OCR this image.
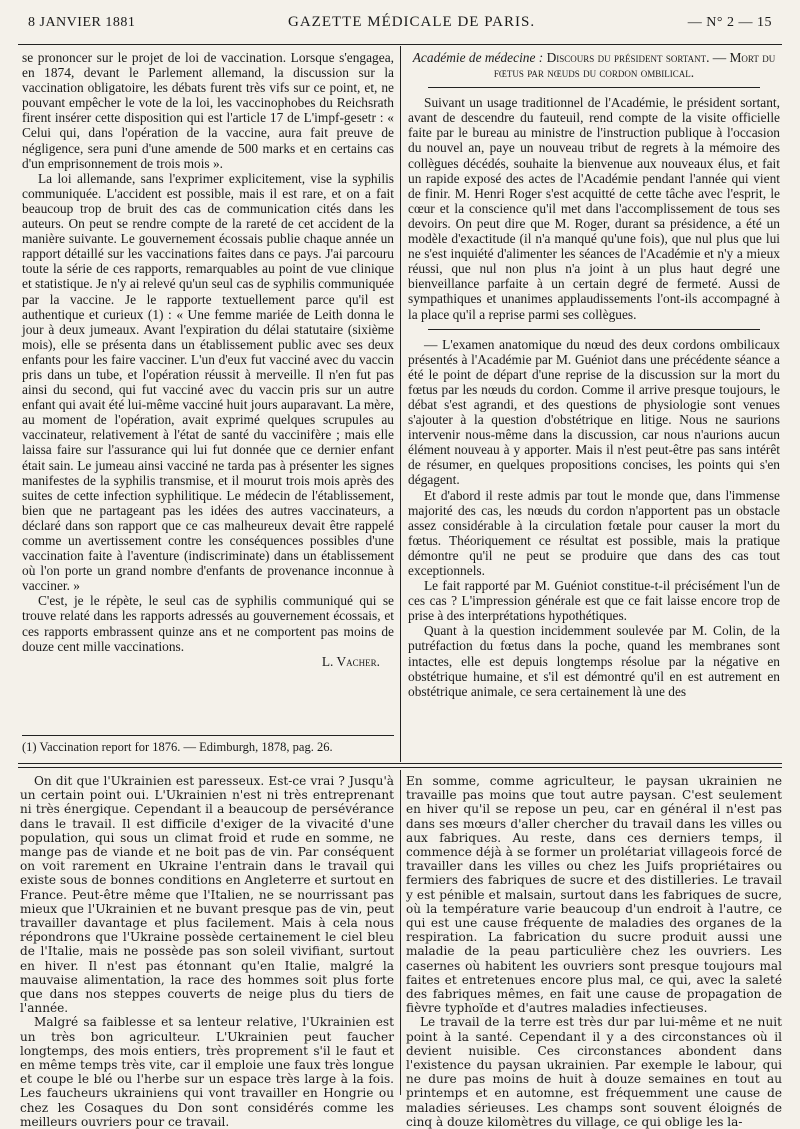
8 JANVIER 1881	GAZETTE MÉDICALE DE PARIS.	— N° 2 — 15

se prononcer sur le projet de loi de vaccination. Lorsque s'engagea, en 1874, devant le Parlement allemand, la discussion sur la vaccination obligatoire, les débats furent très vifs sur ce point, et, ne pouvant empêcher le vote de la loi, les vaccinophobes du Reichsrath firent insérer cette disposition qui est l'article 17 de L'impf-gesetr : « Celui qui, dans l'opération de la vaccine, aura fait preuve de négligence, sera puni d'une amende de 500 marks et en certains cas d'un emprisonnement de trois mois ».

La loi allemande, sans l'exprimer explicitement, vise la syphilis communiquée. L'accident est possible, mais il est rare, et on a fait beaucoup trop de bruit des cas de communication cités dans les auteurs. On peut se rendre compte de la rareté de cet accident de la manière suivante. Le gouvernement écossais publie chaque année un rapport détaillé sur les vaccinations faites dans ce pays. J'ai parcouru toute la série de ces rapports, remarquables au point de vue clinique et statistique. Je n'y ai relevé qu'un seul cas de syphilis communiquée par la vaccine. Je le rapporte textuellement parce qu'il est authentique et curieux (1) : « Une femme mariée de Leith donna le jour à deux jumeaux. Avant l'expiration du délai statutaire (sixième mois), elle se présenta dans un établissement public avec ses deux enfants pour les faire vacciner. L'un d'eux fut vacciné avec du vaccin pris dans un tube, et l'opération réussit à merveille. Il n'en fut pas ainsi du second, qui fut vacciné avec du vaccin pris sur un autre enfant qui avait été lui-même vacciné huit jours auparavant. La mère, au moment de l'opération, avait exprimé quelques scrupules au vaccinateur, relativement à l'état de santé du vaccinifère ; mais elle laissa faire sur l'assurance qui lui fut donnée que ce dernier enfant était sain. Le jumeau ainsi vacciné ne tarda pas à présenter les signes manifestes de la syphilis transmise, et il mourut trois mois après des suites de cette infection syphilitique. Le médecin de l'établissement, bien que ne partageant pas les idées des autres vaccinateurs, a déclaré dans son rapport que ce cas malheureux devait être rappelé comme un avertissement contre les conséquences possibles d'une vaccination faite à l'aventure (indiscriminate) dans un établissement où l'on porte un grand nombre d'enfants de provenance inconnue à vacciner. »

C'est, je le répète, le seul cas de syphilis communiqué qui se trouve relaté dans les rapports adressés au gouvernement écossais, et ces rapports embrassent quinze ans et ne comportent pas moins de douze cent mille vaccinations.

L. Vacher.
(1) Vaccination report for 1876. — Edimburgh, 1878, pag. 26.

Académie de médecine : Discours du président sortant. — Mort du fœtus par nœuds du cordon ombilical.

Suivant un usage traditionnel de l'Académie, le président sortant, avant de descendre du fauteuil, rend compte de la visite officielle faite par le bureau au ministre de l'instruction publique à l'occasion du nouvel an, paye un nouveau tribut de regrets à la mémoire des collègues décédés, souhaite la bienvenue aux nouveaux élus, et fait un rapide exposé des actes de l'Académie pendant l'année qui vient de finir. M. Henri Roger s'est acquitté de cette tâche avec l'esprit, le cœur et la conscience qu'il met dans l'accomplissement de tous ses devoirs. On peut dire que M. Roger, durant sa présidence, a été un modèle d'exactitude (il n'a manqué qu'une fois), que nul plus que lui ne s'est inquiété d'alimenter les séances de l'Académie et n'y a mieux réussi, que nul non plus n'a joint à un plus haut degré une bienveillance parfaite à un certain degré de fermeté. Aussi de sympathiques et unanimes applaudissements l'ont-ils accompagné à la place qu'il a reprise parmi ses collègues.

— L'examen anatomique du nœud des deux cordons ombilicaux présentés à l'Académie par M. Guéniot dans une précédente séance a été le point de départ d'une reprise de la discussion sur la mort du fœtus par les nœuds du cordon. Comme il arrive presque toujours, le débat s'est agrandi, et des questions de physiologie sont venues s'ajouter à la question d'obstétrique en litige. Nous ne saurions intervenir nous-même dans la discussion, car nous n'aurions aucun élément nouveau à y apporter. Mais il n'est peut-être pas sans intérêt de résumer, en quelques propositions concises, les points qui s'en dégagent.

Et d'abord il reste admis par tout le monde que, dans l'immense majorité des cas, les nœuds du cordon n'apportent pas un obstacle assez considérable à la circulation fœtale pour causer la mort du fœtus. Théoriquement ce résultat est possible, mais la pratique démontre qu'il ne peut se produire que dans des cas tout exceptionnels.

Le fait rapporté par M. Guéniot constitue-t-il précisément l'un de ces cas ? L'impression générale est que ce fait laisse encore trop de prise à des interprétations hypothétiques.

Quant à la question incidemment soulevée par M. Colin, de la putréfaction du fœtus dans la poche, quand les membranes sont intactes, elle est depuis longtemps résolue par la négative en obstétrique humaine, et s'il est démontré qu'il en est autrement en obstétrique animale, ce sera certainement là une des

On dit que l'Ukrainien est paresseux. Est-ce vrai ? Jusqu'à un certain point oui. L'Ukrainien n'est ni très entreprenant ni très énergique. Cependant il a beaucoup de persévérance dans le travail. Il est difficile d'exiger de la vivacité d'une population, qui sous un climat froid et rude en somme, ne mange pas de viande et ne boit pas de vin. Par conséquent on voit rarement en Ukraine l'entrain dans le travail qui existe sous de bonnes conditions en Angleterre et surtout en France. Peut-être même que l'Italien, ne se nourrissant pas mieux que l'Ukrainien et ne buvant presque pas de vin, peut travailler davantage et plus facilement. Mais à cela nous répondrons que l'Ukraine possède certainement le ciel bleu de l'Italie, mais ne possède pas son soleil vivifiant, surtout en hiver. Il n'est pas étonnant qu'en Italie, malgré la mauvaise alimentation, la race des hommes soit plus forte que dans nos steppes couverts de neige plus du tiers de l'année.

Malgré sa faiblesse et sa lenteur relative, l'Ukrainien est un très bon agriculteur. L'Ukrainien peut faucher longtemps, des mois entiers, très proprement s'il le faut et en même temps très vite, car il emploie une faux très longue et coupe le blé ou l'herbe sur un espace très large à la fois. Les faucheurs ukrainiens qui vont travailler en Hongrie ou chez les Cosaques du Don sont considérés comme les meilleurs ouvriers pour ce travail.

En somme, comme agriculteur, le paysan ukrainien ne travaille pas moins que tout autre paysan. C'est seulement en hiver qu'il se repose un peu, car en général il n'est pas dans ses mœurs d'aller chercher du travail dans les villes ou aux fabriques. Au reste, dans ces derniers temps, il commence déjà à se former un prolétariat villageois forcé de travailler dans les villes ou chez les Juifs propriétaires ou fermiers des fabriques de sucre et des distilleries. Le travail y est pénible et malsain, surtout dans les fabriques de sucre, où la température varie beaucoup d'un endroit à l'autre, ce qui est une cause fréquente de maladies des organes de la respiration. La fabrication du sucre produit aussi une maladie de la peau particulière chez les ouvriers. Les casernes où habitent les ouvriers sont presque toujours mal faites et entretenues encore plus mal, ce qui, avec la saleté des fabriques mêmes, en fait une cause de propagation de fièvre typhoïde et d'autres maladies infectieuses.

Le travail de la terre est très dur par lui-même et ne nuit point à la santé. Cependant il y a des circonstances où il devient nuisible. Ces circonstances abondent dans l'existence du paysan ukrainien. Par exemple le labour, qui ne dure pas moins de huit à douze semaines en tout au printemps et en automne, est fréquemment une cause de maladies sérieuses. Les champs sont souvent éloignés de cinq à douze kilomètres du village, ce qui oblige les la-
